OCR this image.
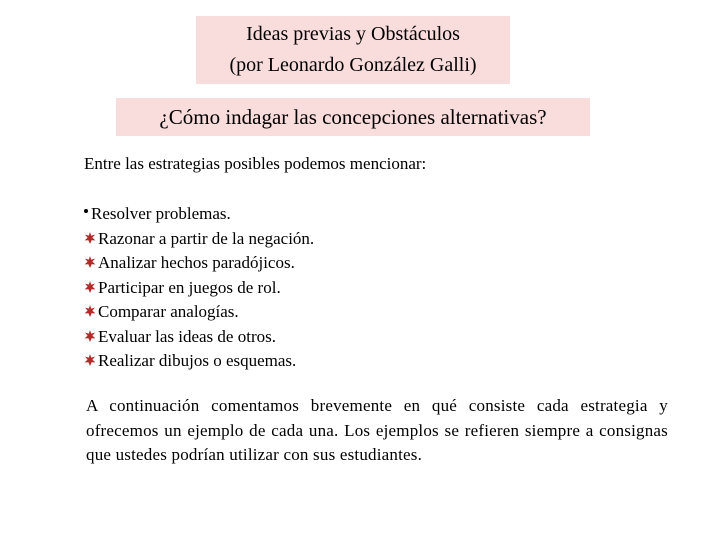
Ideas previas y Obstáculos
(por Leonardo González Galli)
¿Cómo indagar las concepciones alternativas?
Entre las estrategias posibles podemos mencionar:
Resolver problemas.
Razonar a partir de la negación.
Analizar hechos paradójicos.
Participar en juegos de rol.
Comparar analogías.
Evaluar las ideas de otros.
Realizar dibujos o esquemas.
A continuación comentamos brevemente en qué consiste cada estrategia y ofrecemos un ejemplo de cada una. Los ejemplos se refieren siempre a consignas que ustedes podrían utilizar con sus estudiantes.
